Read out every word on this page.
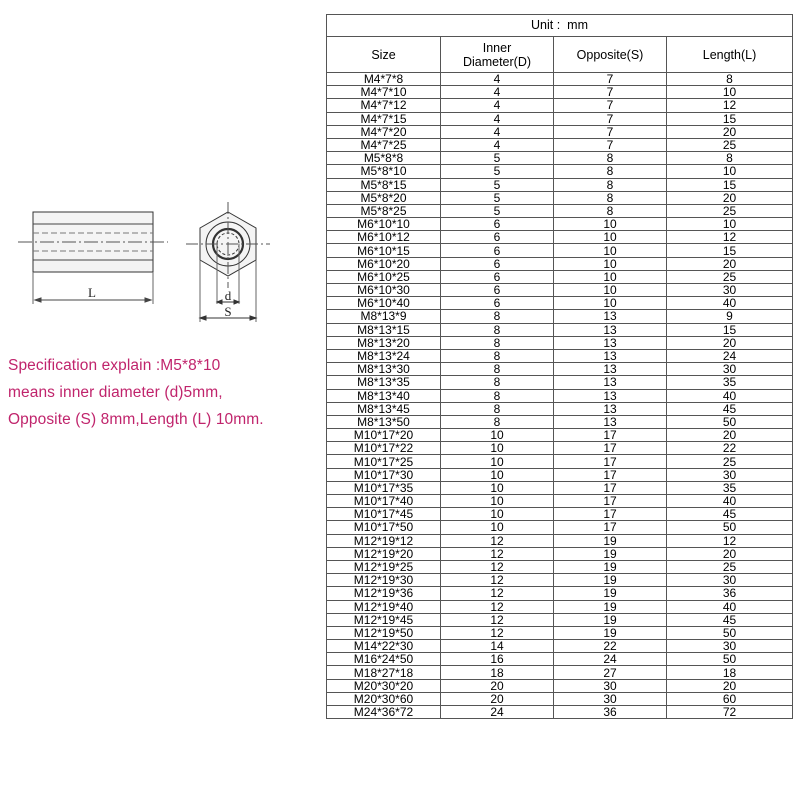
L	d
S
Specification explain :M5*8*10
means inner diameter (d)5mm,
Opposite (S) 8mm,Length (L) 10mm.
Unit :  mm			
Size	Inner Diameter(D)	Opposite(S)	Length(L)
M4*7*8	4	7	8
M4*7*10	4	7	10
M4*7*12	4	7	12
M4*7*15	4	7	15
M4*7*20	4	7	20
M4*7*25	4	7	25
M5*8*8	5	8	8
M5*8*10	5	8	10
M5*8*15	5	8	15
M5*8*20	5	8	20
M5*8*25	5	8	25
M6*10*10	6	10	10
M6*10*12	6	10	12
M6*10*15	6	10	15
M6*10*20	6	10	20
M6*10*25	6	10	25
M6*10*30	6	10	30
M6*10*40	6	10	40
M8*13*9	8	13	9
M8*13*15	8	13	15
M8*13*20	8	13	20
M8*13*24	8	13	24
M8*13*30	8	13	30
M8*13*35	8	13	35
M8*13*40	8	13	40
M8*13*45	8	13	45
M8*13*50	8	13	50
M10*17*20	10	17	20
M10*17*22	10	17	22
M10*17*25	10	17	25
M10*17*30	10	17	30
M10*17*35	10	17	35
M10*17*40	10	17	40
M10*17*45	10	17	45
M10*17*50	10	17	50
M12*19*12	12	19	12
M12*19*20	12	19	20
M12*19*25	12	19	25
M12*19*30	12	19	30
M12*19*36	12	19	36
M12*19*40	12	19	40
M12*19*45	12	19	45
M12*19*50	12	19	50
M14*22*30	14	22	30
M16*24*50	16	24	50
M18*27*18	18	27	18
M20*30*20	20	30	20
M20*30*60	20	30	60
M24*36*72	24	36	72
